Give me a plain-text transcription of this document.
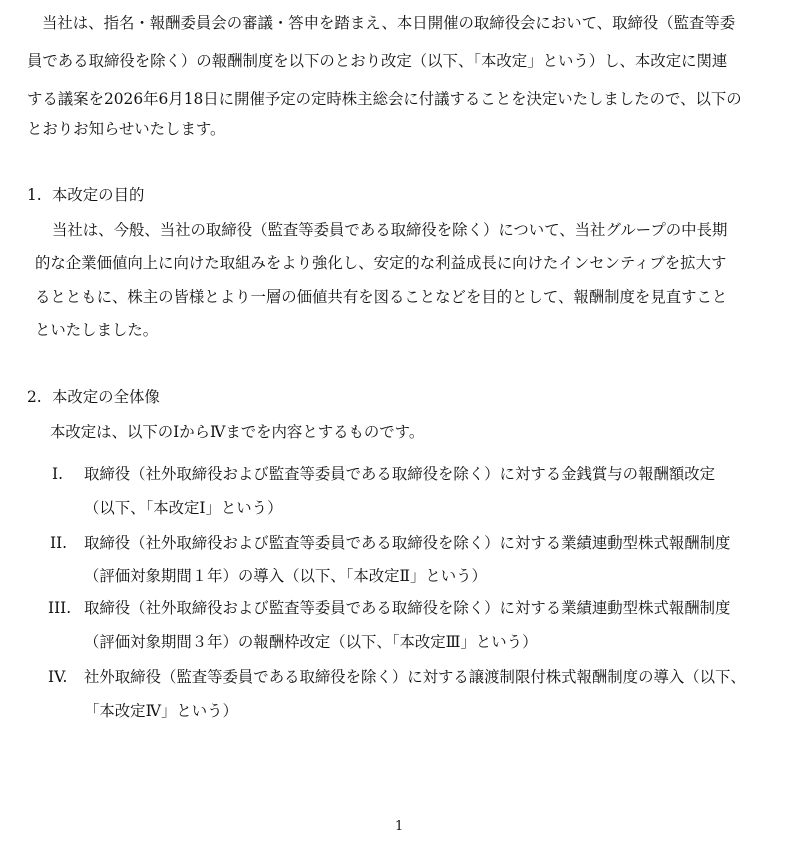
当社は、指名・報酬委員会の審議・答申を踏まえ、本日開催の取締役会において、取締役（監査等委
員である取締役を除く）の報酬制度を以下のとおり改定（以下、「本改定」という）し、本改定に関連
する議案を2026年6月18日に開催予定の定時株主総会に付議することを決定いたしましたので、以下の
とおりお知らせいたします。
1. 本改定の目的
当社は、今般、当社の取締役（監査等委員である取締役を除く）について、当社グループの中長期
的な企業価値向上に向けた取組みをより強化し、安定的な利益成長に向けたインセンティブを拡大す
るとともに、株主の皆様とより一層の価値共有を図ることなどを目的として、報酬制度を見直すこと
といたしました。
2. 本改定の全体像
本改定は、以下のⅠからⅣまでを内容とするものです。
I. 取締役（社外取締役および監査等委員である取締役を除く）に対する金銭賞与の報酬額改定
（以下、「本改定Ⅰ」という）
II. 取締役（社外取締役および監査等委員である取締役を除く）に対する業績連動型株式報酬制度
（評価対象期間１年）の導入（以下、「本改定Ⅱ」という）
III. 取締役（社外取締役および監査等委員である取締役を除く）に対する業績連動型株式報酬制度
（評価対象期間３年）の報酬枠改定（以下、「本改定Ⅲ」という）
IV. 社外取締役（監査等委員である取締役を除く）に対する譲渡制限付株式報酬制度の導入（以下、
「本改定Ⅳ」という）
1
